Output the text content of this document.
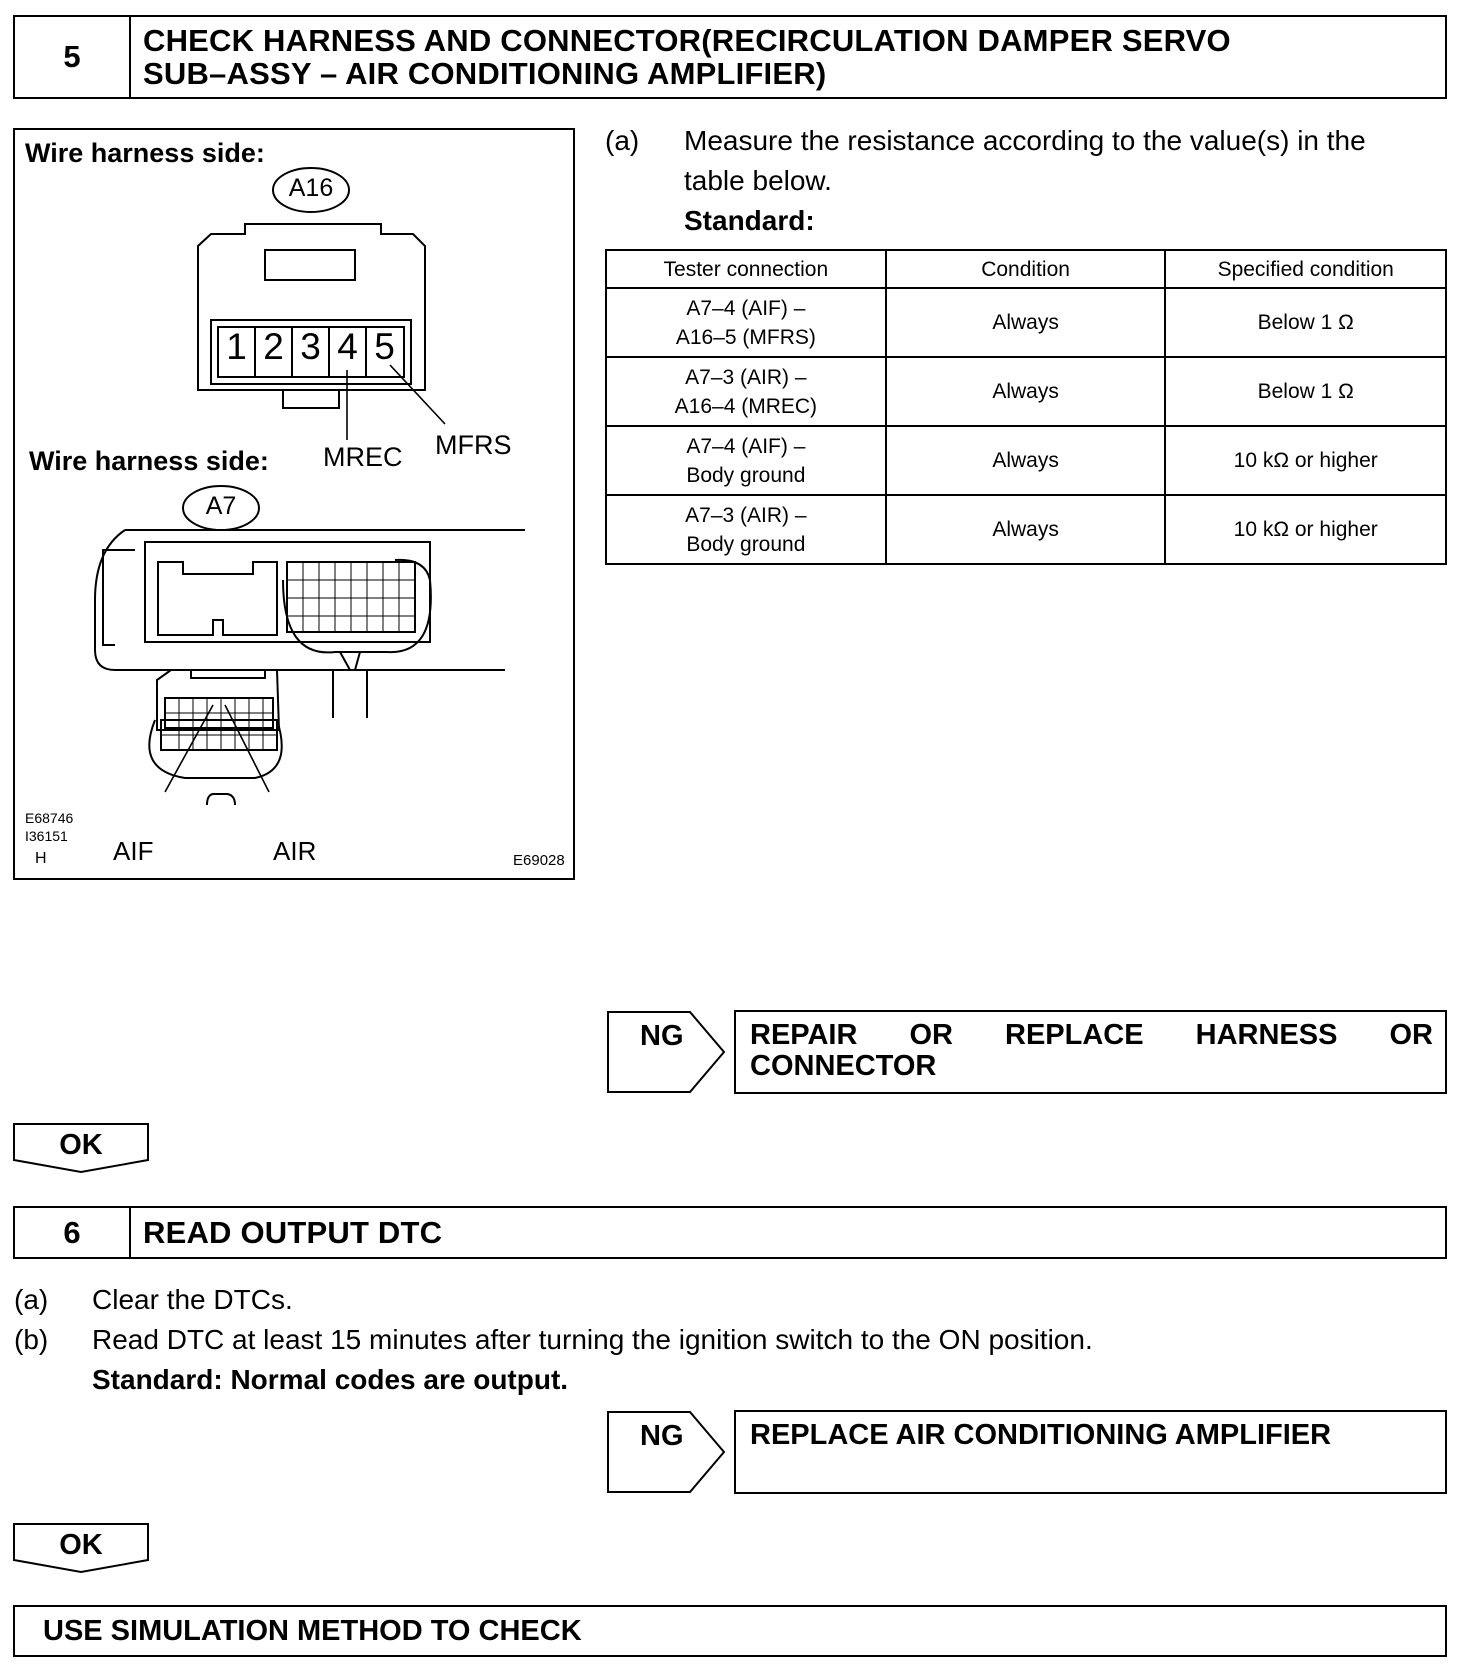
5	CHECK HARNESS AND CONNECTOR(RECIRCULATION DAMPER SERVO
SUB–ASSY – AIR CONDITIONING AMPLIFIER)
Wire harness side:
A16
1 2 3 4 5
MREC MFRS
Wire harness side:
A7
AIF	AIR
E68746
I36151
H	E69028
(a) Measure the resistance according to the value(s) in the
table below.
Standard:
Tester connection	Condition	Specified condition

A7–4 (AIF) –
A16–5 (MFRS)	Always	Below 1 Ω

A7–3 (AIR) –
A16–4 (MREC)	Always	Below 1 Ω

A7–4 (AIF) –
Body ground	Always	10 kΩ or higher

A7–3 (AIR) –
Body ground	Always	10 kΩ or higher
NG REPAIR OR REPLACE HARNESS OR
CONNECTOR
OK
6	READ OUTPUT DTC
(a) Clear the DTCs.
(b) Read DTC at least 15 minutes after turning the ignition switch to the ON position.
Standard: Normal codes are output.
NG	REPLACE AIR CONDITIONING AMPLIFIER
OK
USE SIMULATION METHOD TO CHECK
